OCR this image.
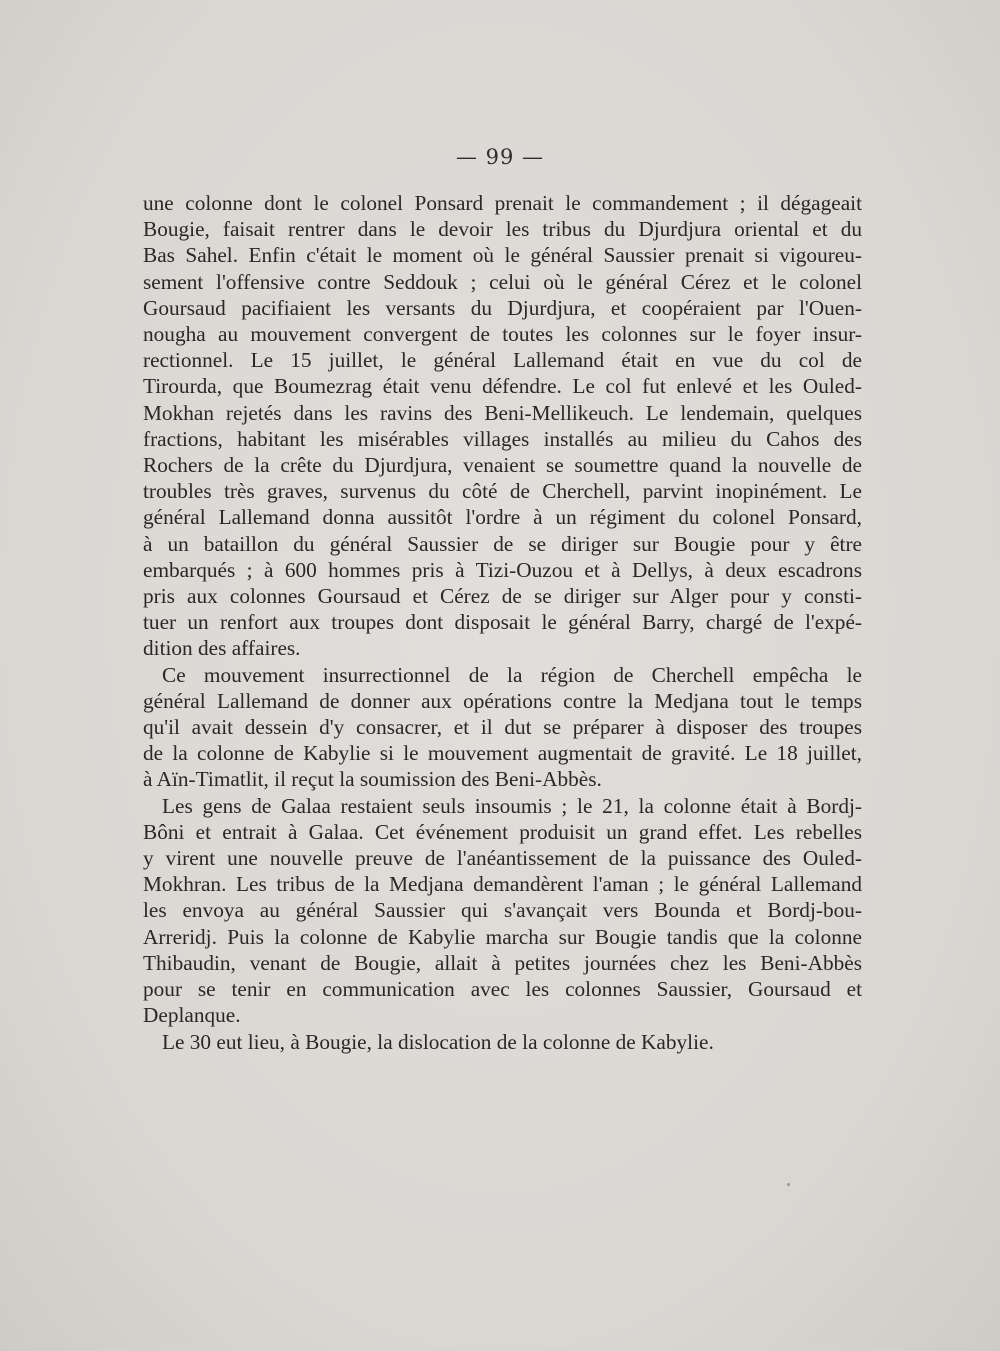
— 99 —
une colonne dont le colonel Ponsard prenait le commandement ; il dégageait
Bougie, faisait rentrer dans le devoir les tribus du Djurdjura oriental et du
Bas Sahel. Enfin c'était le moment où le général Saussier prenait si vigoureu-
sement l'offensive contre Seddouk ; celui où le général Cérez et le colonel
Goursaud pacifiaient les versants du Djurdjura, et coopéraient par l'Ouen-
nougha au mouvement convergent de toutes les colonnes sur le foyer insur-
rectionnel. Le 15 juillet, le général Lallemand était en vue du col de
Tirourda, que Boumezrag était venu défendre. Le col fut enlevé et les Ouled-
Mokhan rejetés dans les ravins des Beni-Mellikeuch. Le lendemain, quelques
fractions, habitant les misérables villages installés au milieu du Cahos des
Rochers de la crête du Djurdjura, venaient se soumettre quand la nouvelle de
troubles très graves, survenus du côté de Cherchell, parvint inopinément. Le
général Lallemand donna aussitôt l'ordre à un régiment du colonel Ponsard,
à un bataillon du général Saussier de se diriger sur Bougie pour y être
embarqués ; à 600 hommes pris à Tizi-Ouzou et à Dellys, à deux escadrons
pris aux colonnes Goursaud et Cérez de se diriger sur Alger pour y consti-
tuer un renfort aux troupes dont disposait le général Barry, chargé de l'expé-
dition des affaires.
Ce mouvement insurrectionnel de la région de Cherchell empêcha le
général Lallemand de donner aux opérations contre la Medjana tout le temps
qu'il avait dessein d'y consacrer, et il dut se préparer à disposer des troupes
de la colonne de Kabylie si le mouvement augmentait de gravité. Le 18 juillet,
à Aïn-Timatlit, il reçut la soumission des Beni-Abbès.
Les gens de Galaa restaient seuls insoumis ; le 21, la colonne était à Bordj-
Bôni et entrait à Galaa. Cet événement produisit un grand effet. Les rebelles
y virent une nouvelle preuve de l'anéantissement de la puissance des Ouled-
Mokhran. Les tribus de la Medjana demandèrent l'aman ; le général Lallemand
les envoya au général Saussier qui s'avançait vers Bounda et Bordj-bou-
Arreridj. Puis la colonne de Kabylie marcha sur Bougie tandis que la colonne
Thibaudin, venant de Bougie, allait à petites journées chez les Beni-Abbès
pour se tenir en communication avec les colonnes Saussier, Goursaud et
Deplanque.
Le 30 eut lieu, à Bougie, la dislocation de la colonne de Kabylie.
